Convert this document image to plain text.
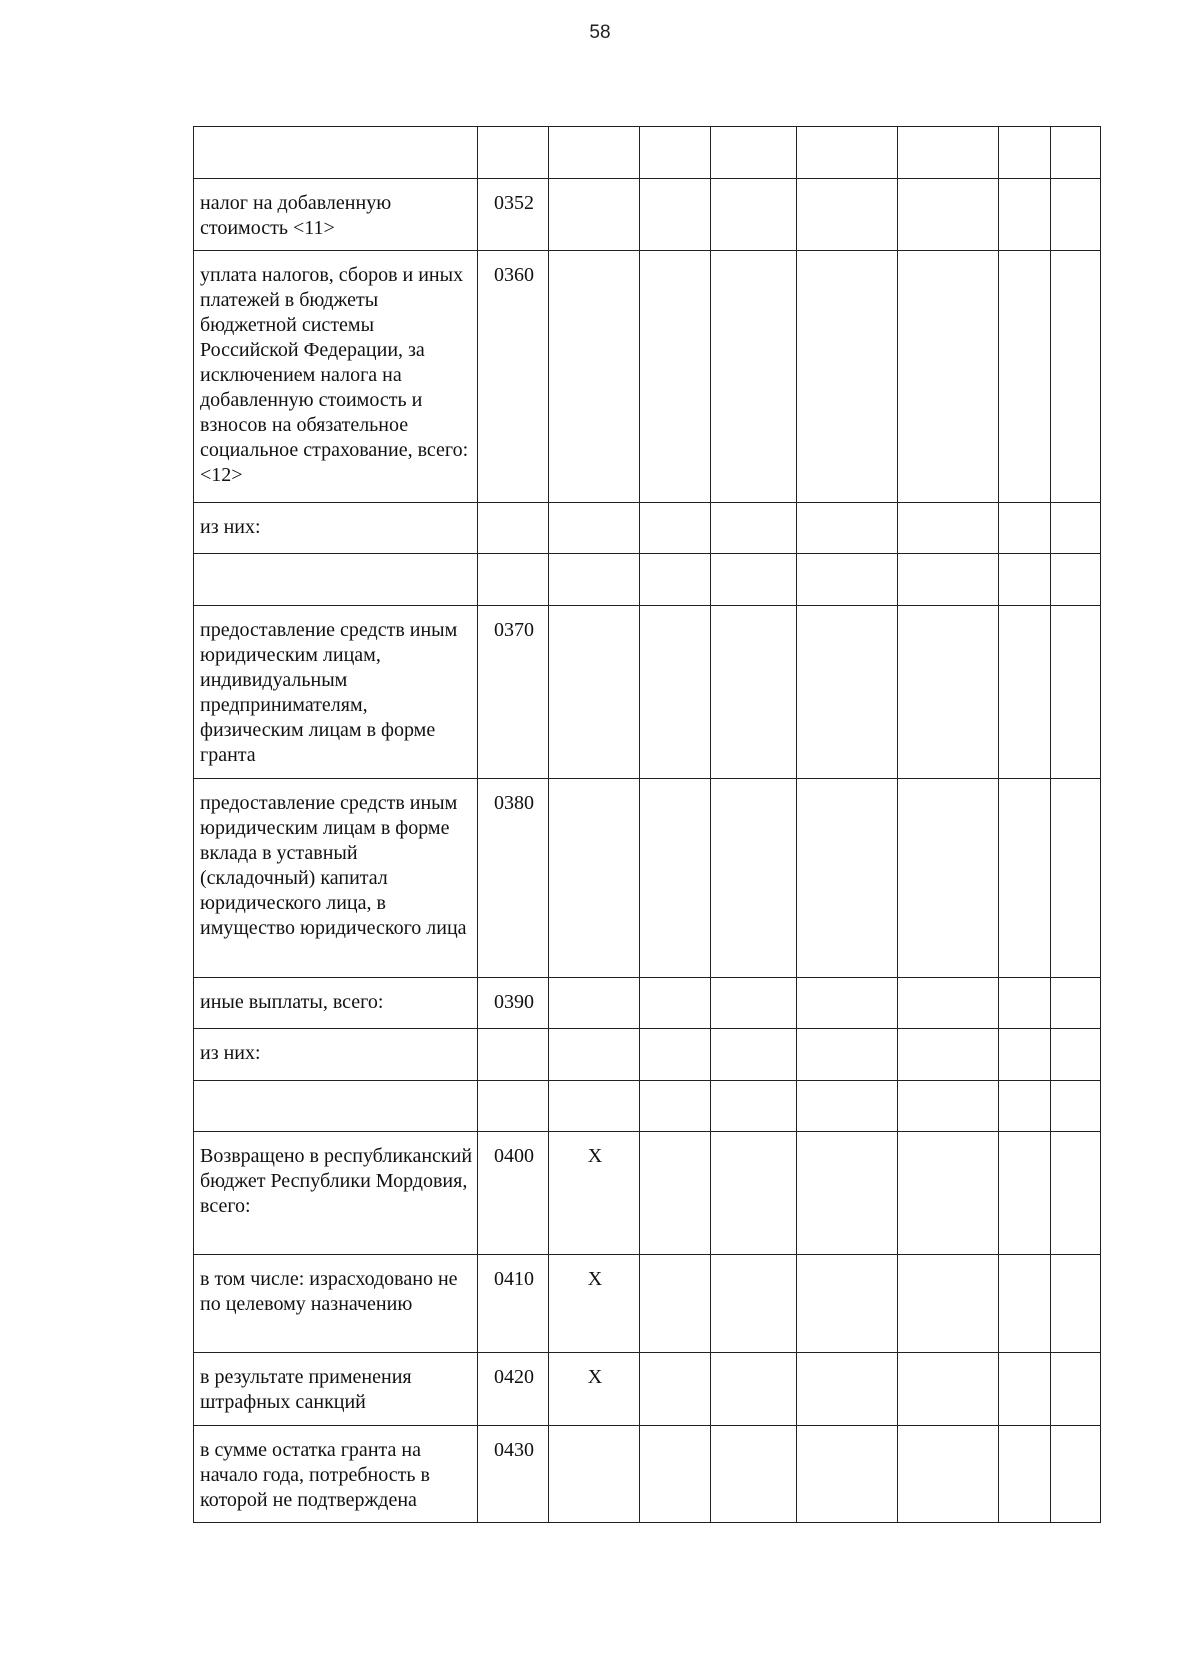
58

налог на добавленную стоимость <11>	0352							
уплата налогов, сборов и иных платежей в бюджеты бюджетной системы Российской Федерации, за исключением налога на добавленную стоимость и взносов на обязательное социальное страхование, всего: <12>	0360							
из них:								

предоставление средств иным юридическим лицам, индивидуальным предпринимателям, физическим лицам в форме гранта	0370							
предоставление средств иным юридическим лицам в форме вклада в уставный (складочный) капитал юридического лица, в имущество юридического лица	0380							
иные выплаты, всего:	0390							
из них:								

Возвращено в республиканский бюджет Республики Мордовия, всего:	0400	X						
в том числе: израсходовано не по целевому назначению	0410	X						
в результате применения штрафных санкций	0420	X						
в сумме остатка гранта на начало года, потребность в которой не подтверждена	0430							
